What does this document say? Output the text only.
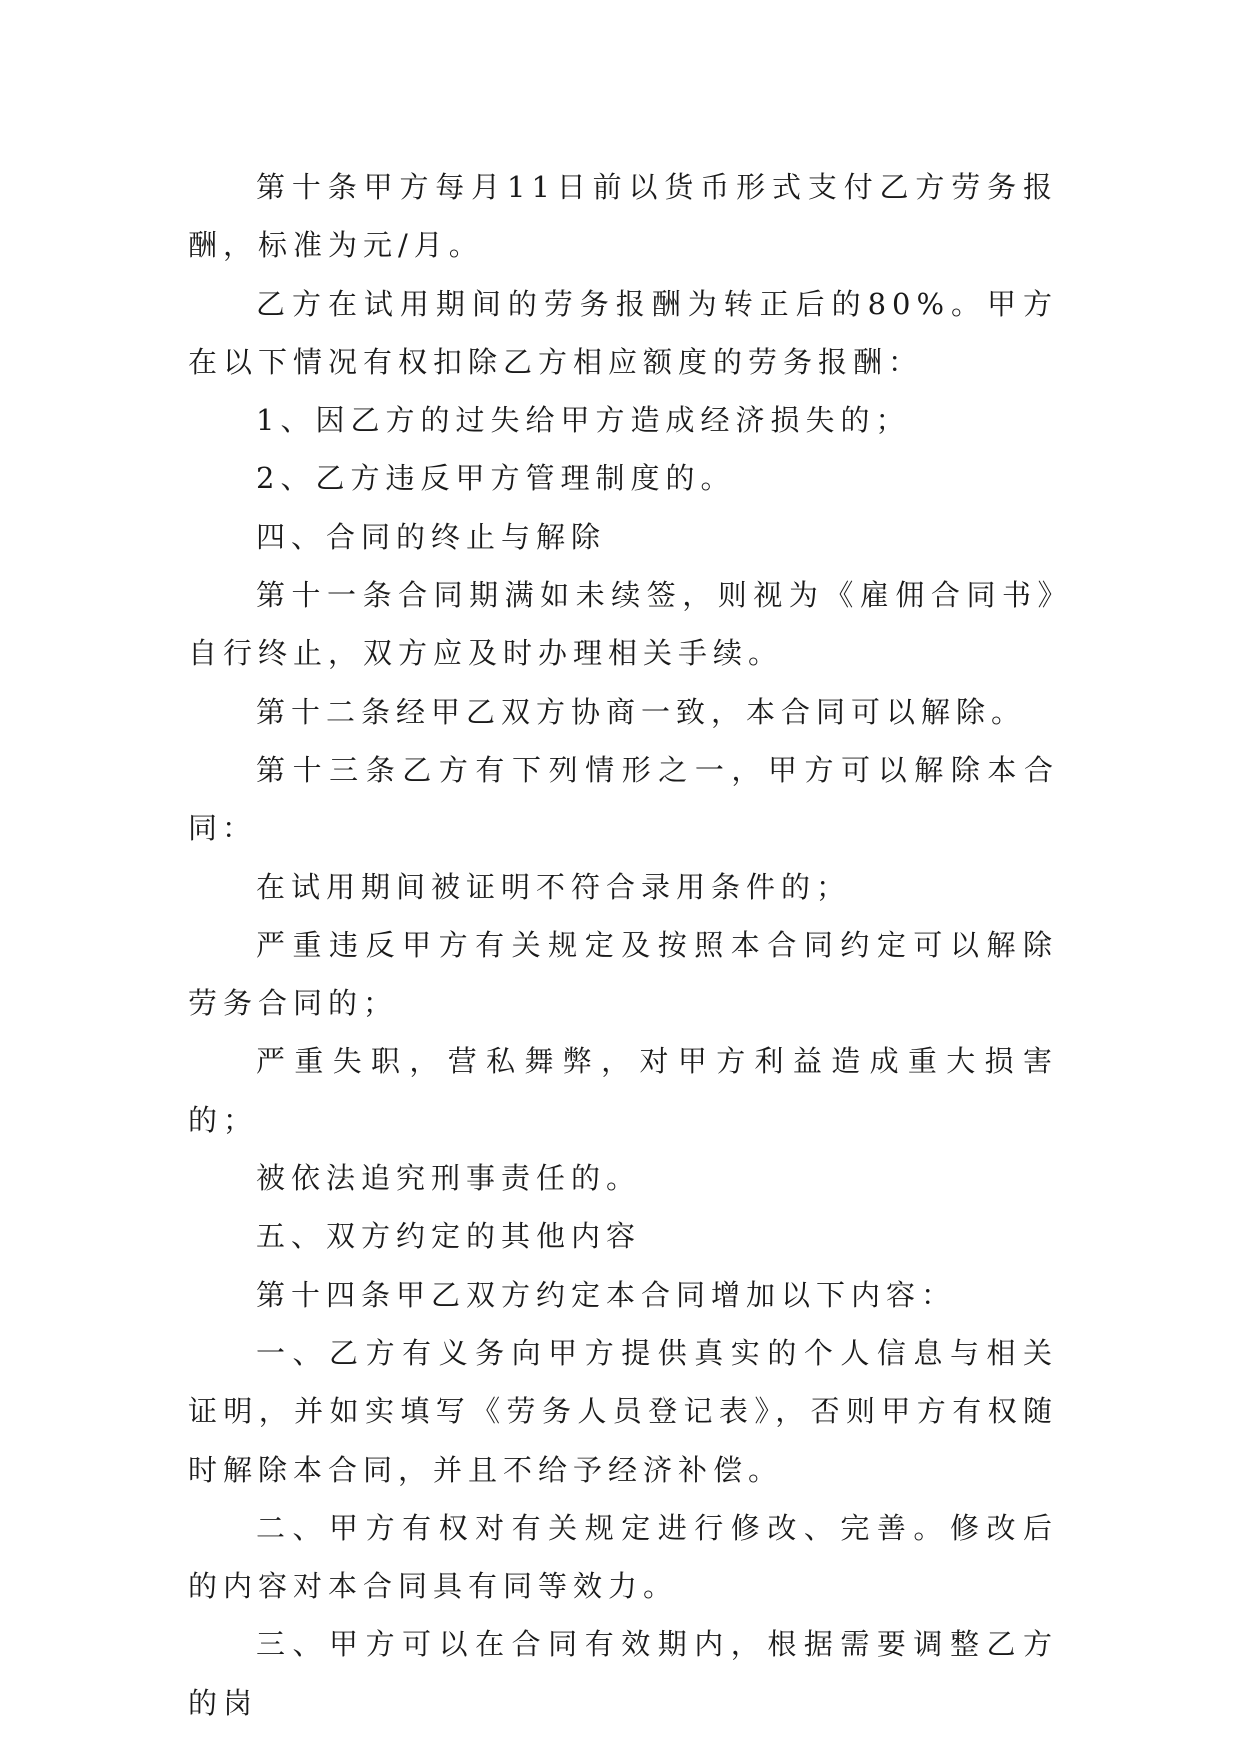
第十条甲方每月11日前以货币形式支付乙方劳务报酬，标准为元/月。

乙方在试用期间的劳务报酬为转正后的80%。甲方在以下情况有权扣除乙方相应额度的劳务报酬：

1、因乙方的过失给甲方造成经济损失的；

2、乙方违反甲方管理制度的。

四、合同的终止与解除

第十一条合同期满如未续签，则视为《雇佣合同书》自行终止，双方应及时办理相关手续。

第十二条经甲乙双方协商一致，本合同可以解除。

第十三条乙方有下列情形之一，甲方可以解除本合同：

在试用期间被证明不符合录用条件的；

严重违反甲方有关规定及按照本合同约定可以解除劳务合同的；

严重失职，营私舞弊，对甲方利益造成重大损害的；

被依法追究刑事责任的。

五、双方约定的其他内容

第十四条甲乙双方约定本合同增加以下内容：

一、乙方有义务向甲方提供真实的个人信息与相关证明，并如实填写《劳务人员登记表》，否则甲方有权随时解除本合同，并且不给予经济补偿。

二、甲方有权对有关规定进行修改、完善。修改后的内容对本合同具有同等效力。

三、甲方可以在合同有效期内，根据需要调整乙方的岗
